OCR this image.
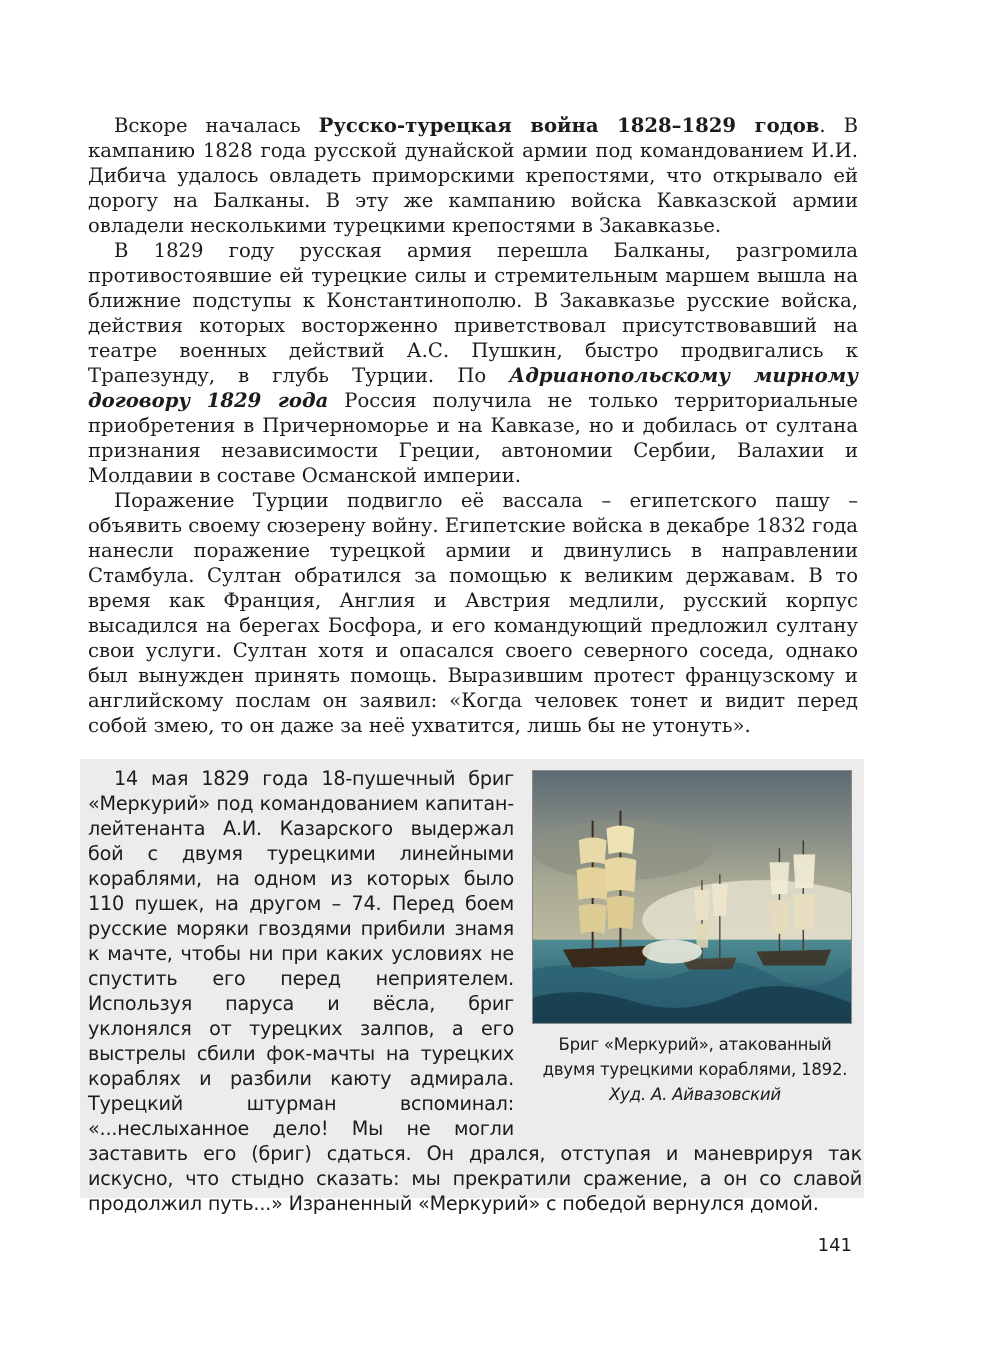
Вскоре началась Русско-турецкая война 1828–1829 годов. В кампанию 1828 года русской дунайской армии под командованием И.И. Дибича удалось овладеть приморскими крепостями, что открывало ей дорогу на Балканы. В эту же кампанию войска Кавказской армии овладели несколькими турецкими крепостями в Закавказье.

В 1829 году русская армия перешла Балканы, разгромила противостоявшие ей турецкие силы и стремительным маршем вышла на ближние подступы к Константинополю. В Закавказье русские войска, действия которых восторженно приветствовал присутствовавший на театре военных действий А.С. Пушкин, быстро продвигались к Трапезунду, в глубь Турции. По Адрианопольскому мирному договору 1829 года Россия получила не только территориальные приобретения в Причерноморье и на Кавказе, но и добилась от султана признания независимости Греции, автономии Сербии, Валахии и Молдавии в составе Османской империи.

Поражение Турции подвигло её вассала – египетского пашу – объявить своему сюзерену войну. Египетские войска в декабре 1832 года нанесли поражение турецкой армии и двинулись в направлении Стамбула. Султан обратился за помощью к великим державам. В то время как Франция, Англия и Австрия медлили, русский корпус высадился на берегах Босфора, и его командующий предложил султану свои услуги. Султан хотя и опасался своего северного соседа, однако был вынужден принять помощь. Выразившим протест французскому и английскому послам он заявил: «Когда человек тонет и видит перед собой змею, то он даже за неё ухватится, лишь бы не утонуть».

Бриг «Меркурий», атакованный
двумя турецкими кораблями, 1892.
Худ. А. Айвазовский

14 мая 1829 года 18-пушечный бриг «Меркурий» под командованием капитан-лейтенанта А.И. Казарского выдержал бой с двумя турецкими линейными кораблями, на одном из которых было 110 пушек, на другом – 74. Перед боем русские моряки гвоздями прибили знамя к мачте, чтобы ни при каких условиях не спустить его перед неприятелем. Используя паруса и вёсла, бриг уклонялся от турецких залпов, а его выстрелы сбили фок-мачты на турецких кораблях и разбили каюту адмирала. Турецкий штурман вспоминал: «...неслыханное дело! Мы не могли заставить его (бриг) сдаться. Он дрался, отступая и маневрируя так искусно, что стыдно сказать: мы прекратили сражение, а он со славой продолжил путь...» Израненный «Меркурий» с победой вернулся домой.

141
